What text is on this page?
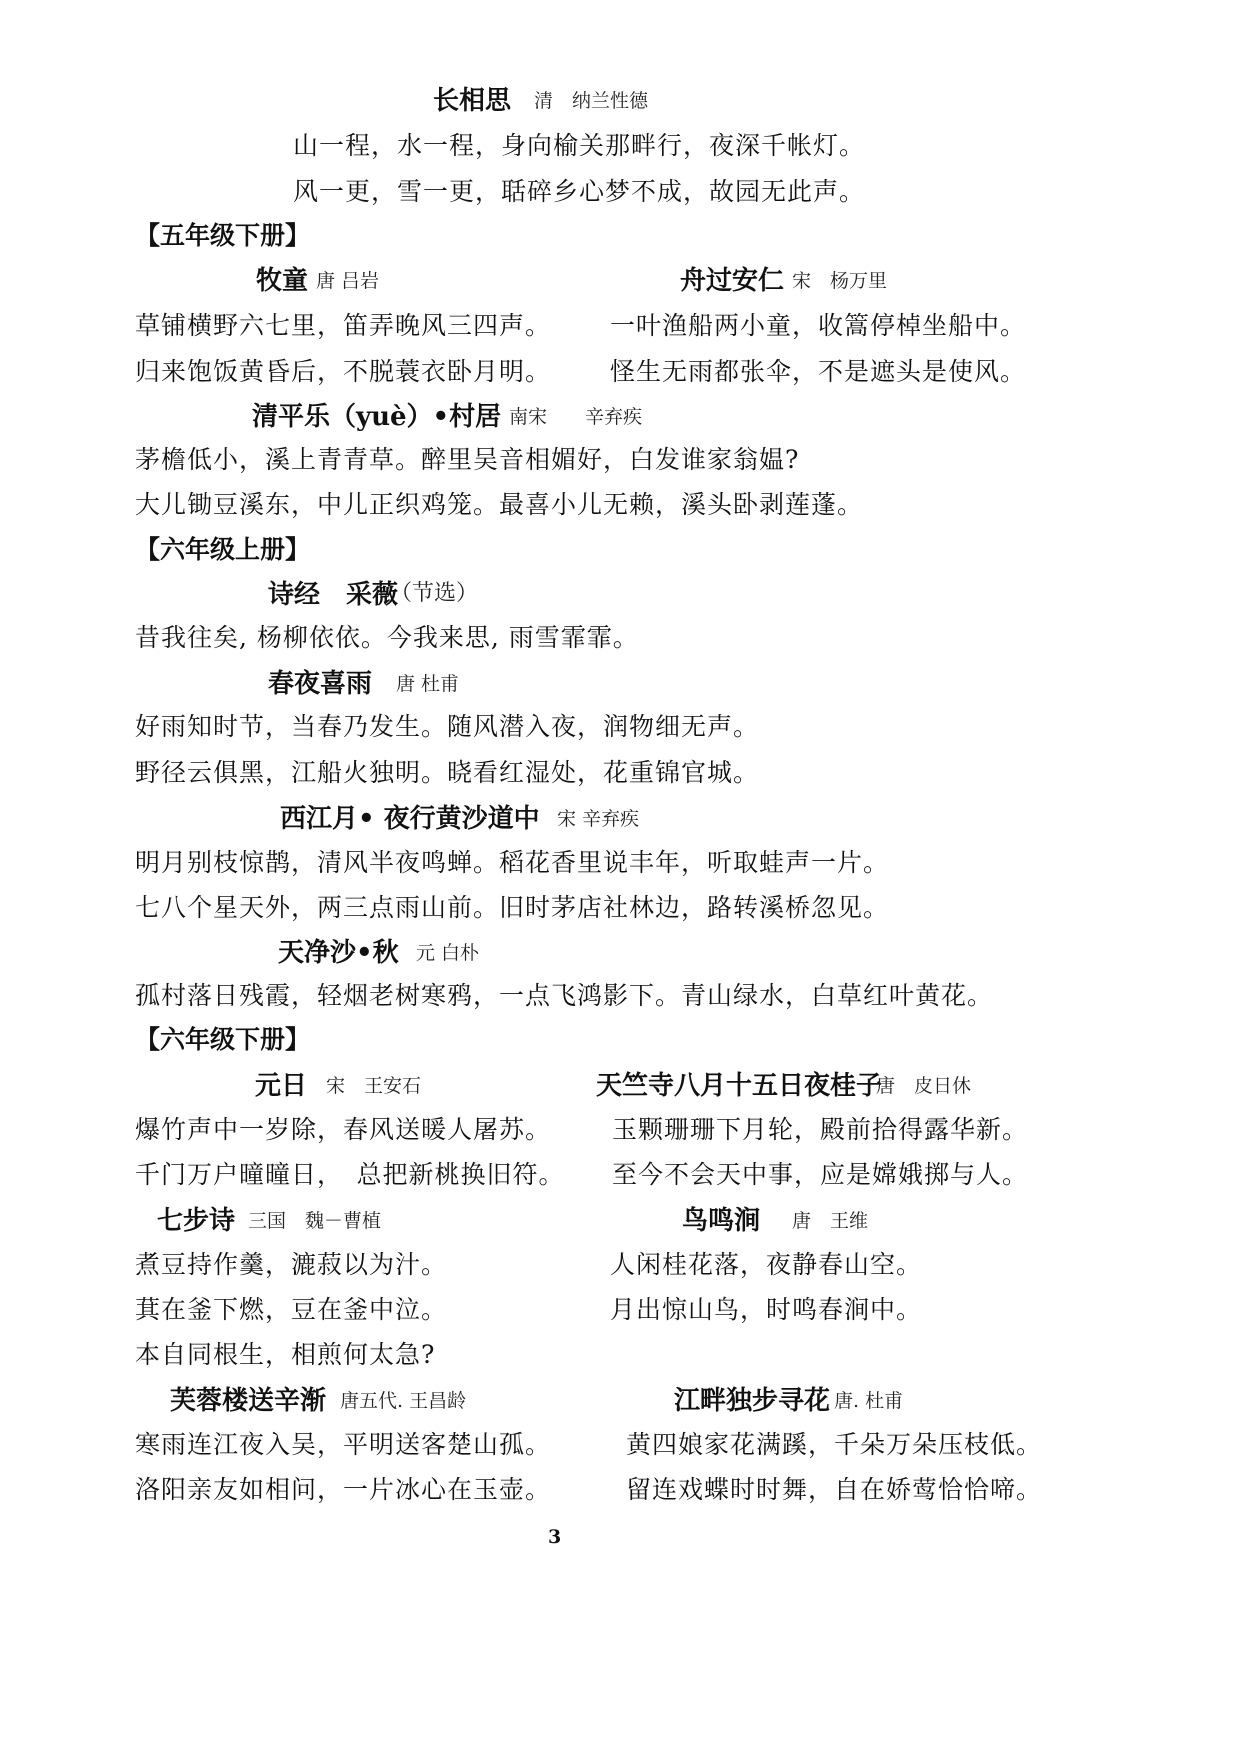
长相思 清　纳兰性德
山一程，水一程，身向榆关那畔行，夜深千帐灯。
风一更，雪一更，聒碎乡心梦不成，故园无此声。
【五年级下册】
牧童 唐 吕岩
草铺横野六七里，笛弄晚风三四声。
归来饱饭黄昏后，不脱蓑衣卧月明。
舟过安仁 宋　杨万里
一叶渔船两小童，收篙停棹坐船中。
怪生无雨都张伞，不是遮头是使风。
清平乐（yuè）•村居 南宋　　辛弃疾
茅檐低小，溪上青青草。醉里吴音相媚好，白发谁家翁媪?
大儿锄豆溪东，中儿正织鸡笼。最喜小儿无赖，溪头卧剥莲蓬。
【六年级上册】
诗经　采薇
（节选）
昔我往矣, 杨柳依依。今我来思, 雨雪霏霏。
春夜喜雨 唐 杜甫
好雨知时节，当春乃发生。随风潜入夜，润物细无声。
野径云俱黑，江船火独明。晓看红湿处，花重锦官城。
西江月• 夜行黄沙道中 宋 辛弃疾
明月别枝惊鹊，清风半夜鸣蝉。稻花香里说丰年，听取蛙声一片。
七八个星天外，两三点雨山前。旧时茅店社林边，路转溪桥忽见。
天净沙•秋 元 白朴
孤村落日残霞，轻烟老树寒鸦，一点飞鸿影下。青山绿水，白草红叶黄花。
【六年级下册】
元日 宋　王安石
爆竹声中一岁除，春风送暖人屠苏。
千门万户曈曈日，　总把新桃换旧符。
天竺寺八月十五日夜桂子
唐　皮日休
玉颗珊珊下月轮，殿前拾得露华新。
至今不会天中事，应是嫦娥掷与人。
七步诗 三国　魏－曹植
煮豆持作羹，漉菽以为汁。
萁在釜下燃，豆在釜中泣。
本自同根生，相煎何太急?
鸟鸣涧 唐　王维
人闲桂花落，夜静春山空。
月出惊山鸟，时鸣春涧中。
芙蓉楼送辛渐 唐五代. 王昌龄
寒雨连江夜入吴，平明送客楚山孤。
洛阳亲友如相问，一片冰心在玉壶。
江畔独步寻花 唐. 杜甫
黄四娘家花满蹊，千朵万朵压枝低。
留连戏蝶时时舞，自在娇莺恰恰啼。
3
